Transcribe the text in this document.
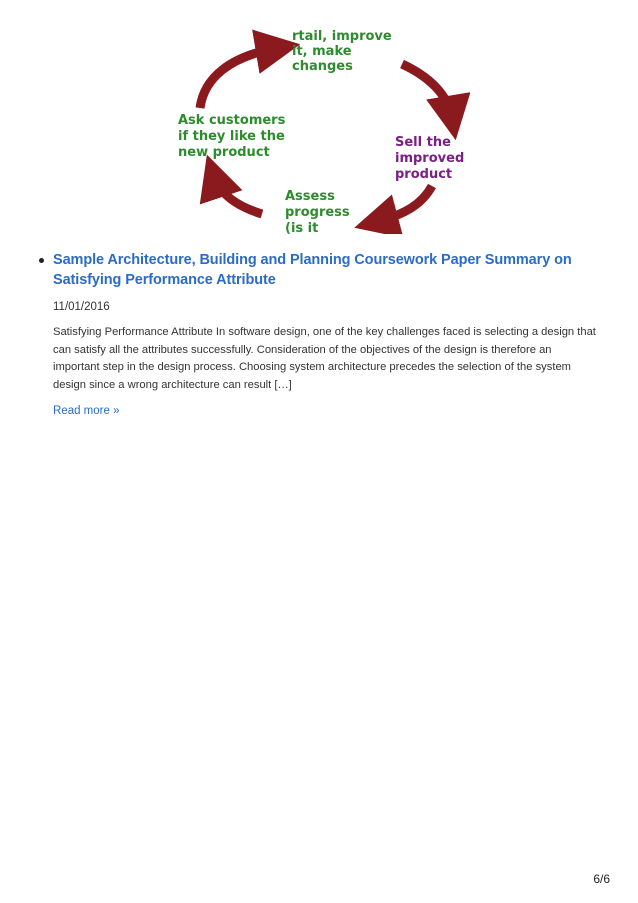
rtail, improve
it, make
changes
Sell the
improved
product
Assess
progress
(is it
Ask customers
if they like the
new product
Sample Architecture, Building and Planning Coursework Paper Summary on Satisfying Performance Attribute
11/01/2016
Satisfying Performance Attribute In software design, one of the key challenges faced is selecting a design that can satisfy all the attributes successfully. Consideration of the objectives of the design is therefore an important step in the design process. Choosing system architecture precedes the selection of the system design since a wrong architecture can result […]
Read more »
6/6
